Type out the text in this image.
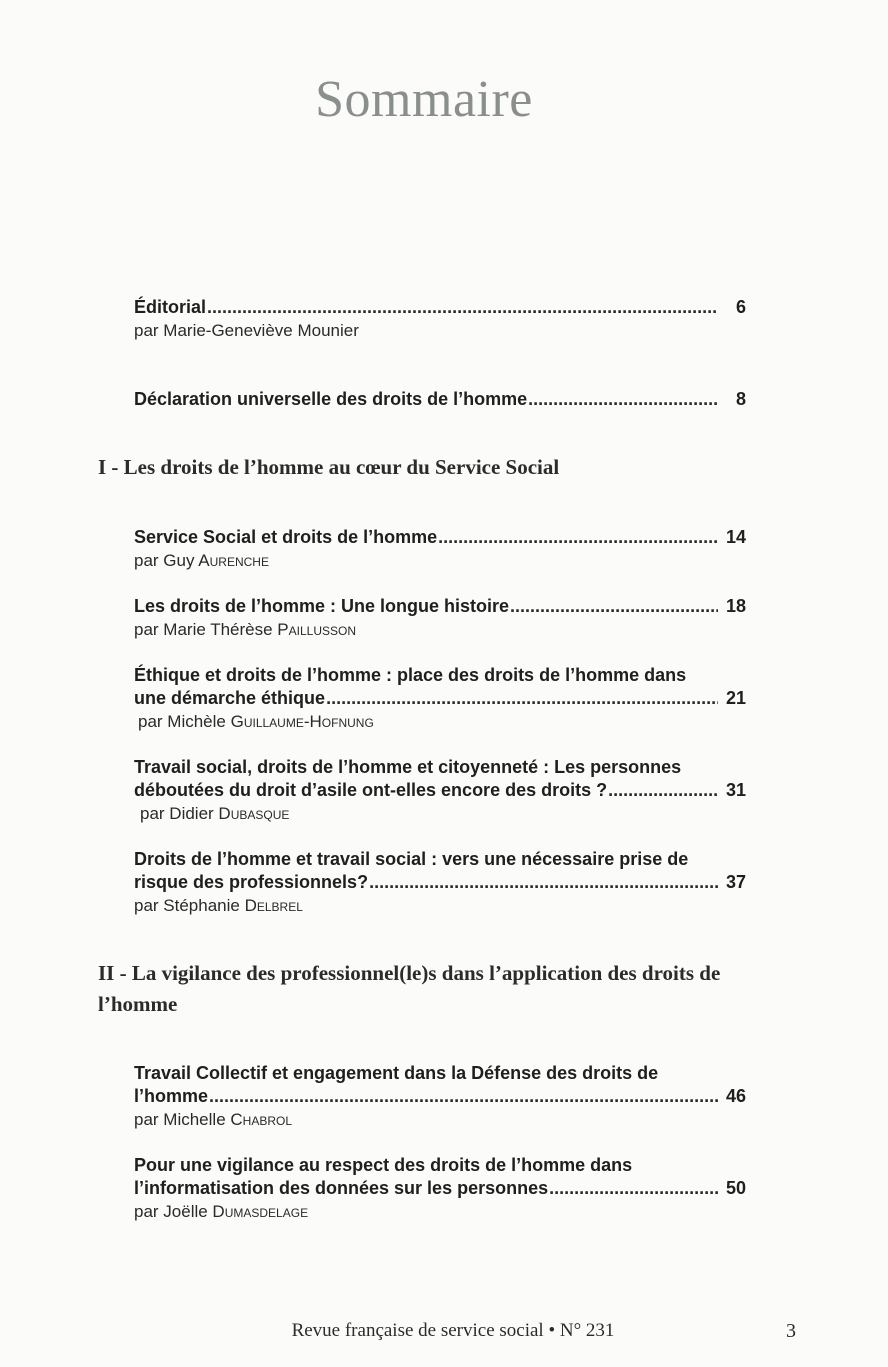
Sommaire
Éditorial .....	6
par Marie-Geneviève Mounier
Déclaration universelle des droits de l’homme .....	8
I - Les droits de l’homme au cœur du Service Social
Service Social et droits de l’homme .....	14
par Guy Aurenche
Les droits de l’homme : Une longue histoire .....	18
par Marie Thérèse Paillusson
Éthique et droits de l’homme : place des droits de l’homme dans
une démarche éthique .....	21
par Michèle Guillaume-Hofnung
Travail social, droits de l’homme et citoyenneté : Les personnes
déboutées du droit d’asile ont-elles encore des droits ? .....	31
par Didier Dubasque
Droits de l’homme et travail social : vers une nécessaire prise de
risque des professionnels? .....	37
par Stéphanie Delbrel
II - La vigilance des professionnel(le)s dans l’application des droits de l’homme
Travail Collectif et engagement dans la Défense des droits de
l’homme .....	46
par Michelle Chabrol
Pour une vigilance au respect des droits de l’homme dans
l’informatisation des données sur les personnes .....	50
par Joëlle Dumasdelage
Revue française de service social • N° 231	3
